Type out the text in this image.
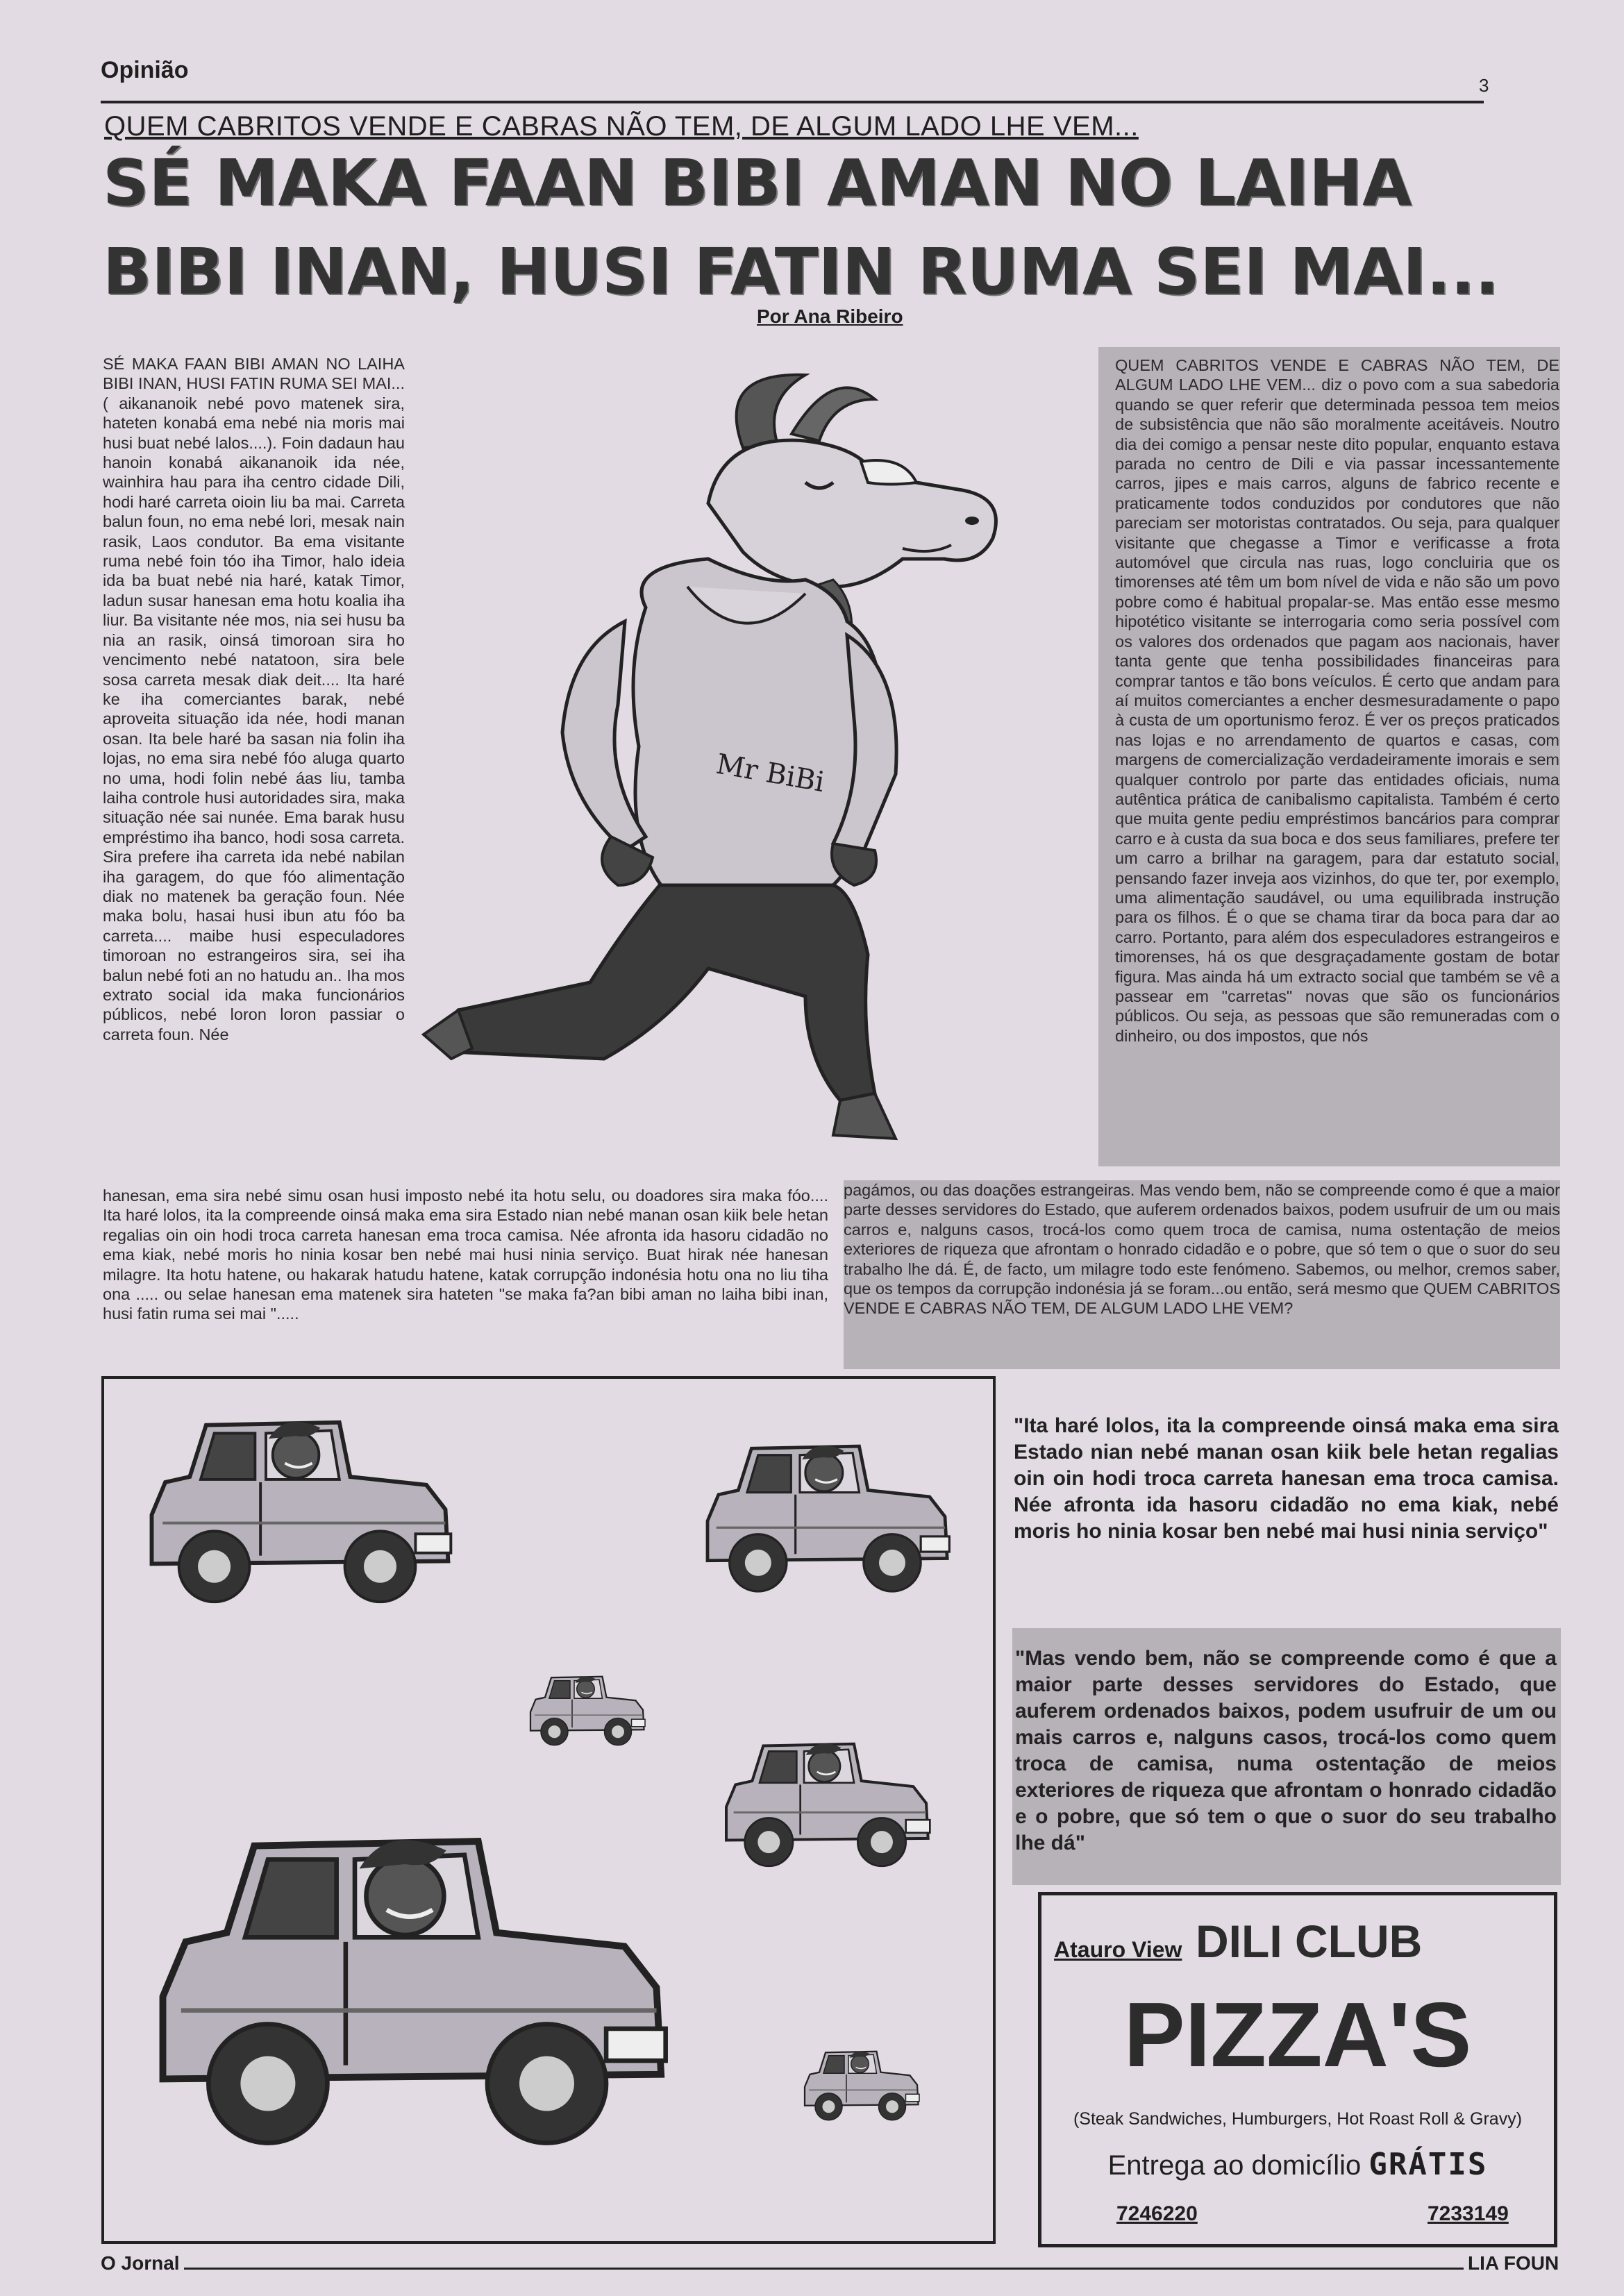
Opinião
3
QUEM CABRITOS VENDE E CABRAS NÃO TEM, DE ALGUM LADO LHE VEM...
SÉ MAKA FAAN BIBI AMAN NO LAIHA BIBI INAN, HUSI FATIN RUMA SEI MAI...
Por Ana Ribeiro

SÉ MAKA FAAN BIBI AMAN NO LAIHA BIBI INAN, HUSI FATIN RUMA SEI MAI... ( aikananoik nebé povo matenek sira, hateten konabá ema nebé nia moris mai husi buat nebé lalos....). Foin dadaun hau hanoin konabá aikananoik ida née, wainhira hau para iha centro cidade Dili, hodi haré carreta oioin liu ba mai. Carreta balun foun, no ema nebé lori, mesak nain rasik, Laos condutor. Ba ema visitante ruma nebé foin tóo iha Timor, halo ideia ida ba buat nebé nia haré, katak Timor, ladun susar hanesan ema hotu koalia iha liur. Ba visitante née mos, nia sei husu ba nia an rasik, oinsá timoroan sira ho vencimento nebé natatoon, sira bele sosa carreta mesak diak deit.... Ita haré ke iha comerciantes barak, nebé aproveita situação ida née, hodi manan osan. Ita bele haré ba sasan nia folin iha lojas, no ema sira nebé fóo aluga quarto no uma, hodi folin nebé áas liu, tamba laiha controle husi autoridades sira, maka situação née sai nunée. Ema barak husu empréstimo iha banco, hodi sosa carreta. Sira prefere iha carreta ida nebé nabilan iha garagem, do que fóo alimentação diak no matenek ba geração foun. Née maka bolu, hasai husi ibun atu fóo ba carreta.... maibe husi especuladores timoroan no estrangeiros sira, sei iha balun nebé foti an no hatudu an.. Iha mos extrato social ida maka funcionários públicos, nebé loron loron passiar o carreta foun. Née

Mr BiBi

QUEM CABRITOS VENDE E CABRAS NÃO TEM, DE ALGUM LADO LHE VEM... diz o povo com a sua sabedoria quando se quer referir que determinada pessoa tem meios de subsistência que não são moralmente aceitáveis. Noutro dia dei comigo a pensar neste dito popular, enquanto estava parada no centro de Dili e via passar incessantemente carros, jipes e mais carros, alguns de fabrico recente e praticamente todos conduzidos por condutores que não pareciam ser motoristas contratados. Ou seja, para qualquer visitante que chegasse a Timor e verificasse a frota automóvel que circula nas ruas, logo concluiria que os timorenses até têm um bom nível de vida e não são um povo pobre como é habitual propalar-se. Mas então esse mesmo hipotético visitante se interrogaria como seria possível com os valores dos ordenados que pagam aos nacionais, haver tanta gente que tenha possibilidades financeiras para comprar tantos e tão bons veículos. É certo que andam para aí muitos comerciantes a encher desmesuradamente o papo à custa de um oportunismo feroz. É ver os preços praticados nas lojas e no arrendamento de quartos e casas, com margens de comercialização verdadeiramente imorais e sem qualquer controlo por parte das entidades oficiais, numa autêntica prática de canibalismo capitalista. Também é certo que muita gente pediu empréstimos bancários para comprar carro e à custa da sua boca e dos seus familiares, prefere ter um carro a brilhar na garagem, para dar estatuto social, pensando fazer inveja aos vizinhos, do que ter, por exemplo, uma alimentação saudável, ou uma equilibrada instrução para os filhos. É o que se chama tirar da boca para dar ao carro. Portanto, para além dos especuladores estrangeiros e timorenses, há os que desgraçadamente gostam de botar figura. Mas ainda há um extracto social que também se vê a passear em "carretas" novas que são os funcionários públicos. Ou seja, as pessoas que são remuneradas com o dinheiro, ou dos impostos, que nós

hanesan, ema sira nebé simu osan husi imposto nebé ita hotu selu, ou doadores sira maka fóo.... Ita haré lolos, ita la compreende oinsá maka ema sira Estado nian nebé manan osan kiik bele hetan regalias oin oin hodi troca carreta hanesan ema troca camisa. Née afronta ida hasoru cidadão no ema kiak, nebé moris ho ninia kosar ben nebé mai husi ninia serviço. Buat hirak née hanesan milagre. Ita hotu hatene, ou hakarak hatudu hatene, katak corrupção indonésia hotu ona no liu tiha ona ..... ou selae hanesan ema matenek sira hateten "se maka fa?an bibi aman no laiha bibi inan, husi fatin ruma sei mai ".....

pagámos, ou das doações estrangeiras. Mas vendo bem, não se compreende como é que a maior parte desses servidores do Estado, que auferem ordenados baixos, podem usufruir de um ou mais carros e, nalguns casos, trocá-los como quem troca de camisa, numa ostentação de meios exteriores de riqueza que afrontam o honrado cidadão e o pobre, que só tem o que o suor do seu trabalho lhe dá. É, de facto, um milagre todo este fenómeno. Sabemos, ou melhor, cremos saber, que os tempos da corrupção indonésia já se foram...ou então, será mesmo que QUEM CABRITOS VENDE E CABRAS NÃO TEM, DE ALGUM LADO LHE VEM?

"Ita haré lolos, ita la compreende oinsá maka ema sira Estado nian nebé manan osan kiik bele hetan regalias oin oin hodi troca carreta hanesan ema troca camisa. Née afronta ida hasoru cidadão no ema kiak, nebé moris ho ninia kosar ben nebé mai husi ninia serviço"

"Mas vendo bem, não se compreende como é que a maior parte desses servidores do Estado, que auferem ordenados baixos, podem usufruir de um ou mais carros e, nalguns casos, trocá-los como quem troca de camisa, numa ostentação de meios exteriores de riqueza que afrontam o honrado cidadão e o pobre, que só tem o que o suor do seu trabalho lhe dá"

Atauro View DILI CLUB
PIZZA'S
(Steak Sandwiches, Humburgers, Hot Roast Roll & Gravy)
Entrega ao domicílio GRÁTIS
7246220	7233149
O Jornal	LIA FOUN
